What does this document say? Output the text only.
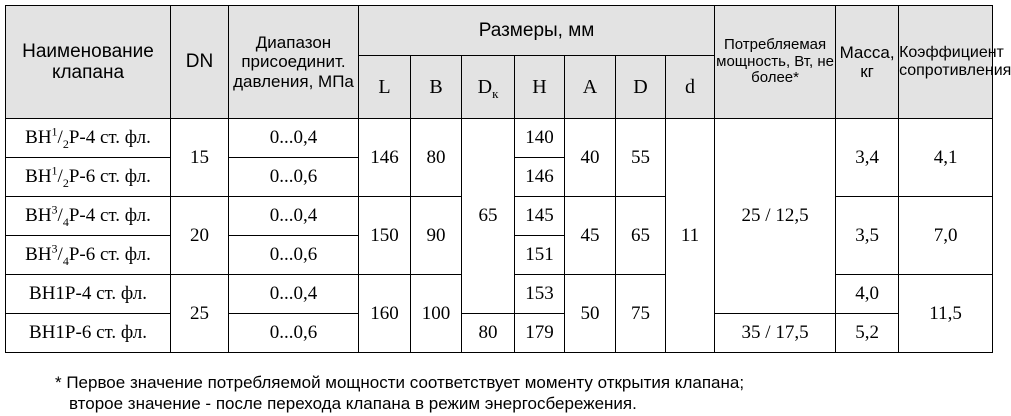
Наименование клапана	DN	Диапазон присоединит. давления, МПа	Размеры, мм							Потребляемая мощность, Вт, не более*	Масса, кг	Коэффициент сопротивления
			L	B	$D_к$	H	A	D	d			
$ВН^1/_2Р-4$ ст. фл.	15	0...0,4	146	80	65	140	40	55	11	25 / 12,5	3,4	4,1
$ВН^1/_2Р-6$ ст. фл.		0...0,6				146						
$ВН^3/_4Р-4$ ст. фл.	20	0...0,4	150	90		145	45	65			3,5	7,0
$ВН^3/_4Р-6$ ст. фл.		0...0,6				151						
ВН1Р-4 ст. фл.	25	0...0,4	160	100		153	50	75			4,0	11,5
ВН1Р-6 ст. фл.		0...0,6			80	179				35 / 17,5	5,2	
* Первое значение потребляемой мощности соответствует моменту открытия клапана;
второе значение - после перехода клапана в режим энергосбережения.
